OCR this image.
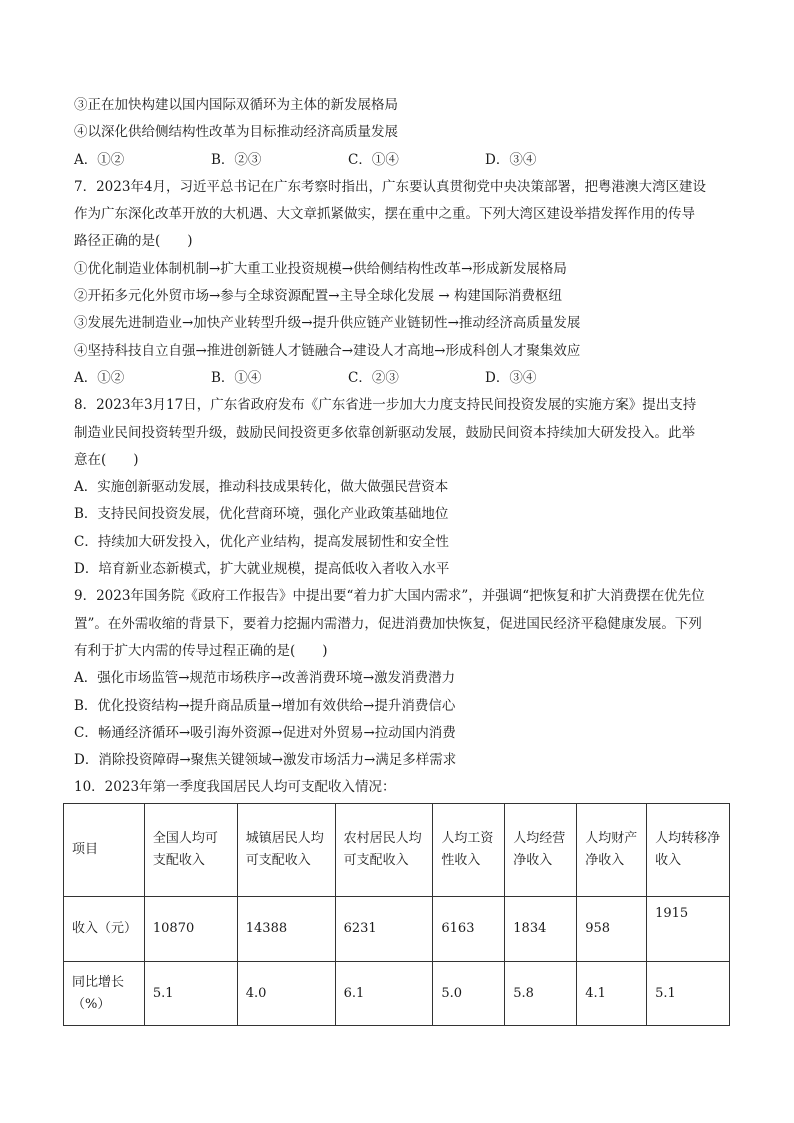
③正在加快构建以国内国际双循环为主体的新发展格局
④以深化供给侧结构性改革为目标推动经济高质量发展
A．①②	B．②③	C．①④	D．③④
7．2023年4月，习近平总书记在广东考察时指出，广东要认真贯彻党中央决策部署，把粤港澳大湾区建设
作为广东深化改革开放的大机遇、大文章抓紧做实，摆在重中之重。下列大湾区建设举措发挥作用的传导
路径正确的是(　　)
①优化制造业体制机制→扩大重工业投资规模→供给侧结构性改革→形成新发展格局
②开拓多元化外贸市场→参与全球资源配置→主导全球化发展 → 构建国际消费枢纽
③发展先进制造业→加快产业转型升级→提升供应链产业链韧性→推动经济高质量发展
④坚持科技自立自强→推进创新链人才链融合→建设人才高地→形成科创人才聚集效应
A．①②	B．①④	C．②③	D．③④
8．2023年3月17日，广东省政府发布《广东省进一步加大力度支持民间投资发展的实施方案》提出支持
制造业民间投资转型升级，鼓励民间投资更多依靠创新驱动发展，鼓励民间资本持续加大研发投入。此举
意在(　　)
A．实施创新驱动发展，推动科技成果转化，做大做强民营资本
B．支持民间投资发展，优化营商环境，强化产业政策基础地位
C．持续加大研发投入，优化产业结构，提高发展韧性和安全性
D．培育新业态新模式，扩大就业规模，提高低收入者收入水平
9．2023年国务院《政府工作报告》中提出要“着力扩大国内需求”，并强调“把恢复和扩大消费摆在优先位
置”。在外需收缩的背景下，要着力挖掘内需潜力，促进消费加快恢复，促进国民经济平稳健康发展。下列
有利于扩大内需的传导过程正确的是(　　)
A．强化市场监管→规范市场秩序→改善消费环境→激发消费潜力
B．优化投资结构→提升商品质量→增加有效供给→提升消费信心
C．畅通经济循环→吸引海外资源→促进对外贸易→拉动国内消费
D．消除投资障碍→聚焦关键领域→激发市场活力→满足多样需求
10．2023年第一季度我国居民人均可支配收入情况：
项目	全国人均可支配收入	城镇居民人均可支配收入	农村居民人均可支配收入	人均工资性收入	人均经营净收入	人均财产净收入	人均转移净收入
收入（元）	10870	14388	6231	6163	1834	958	1915
同比增长（%）	5.1	4.0	6.1	5.0	5.8	4.1	5.1
